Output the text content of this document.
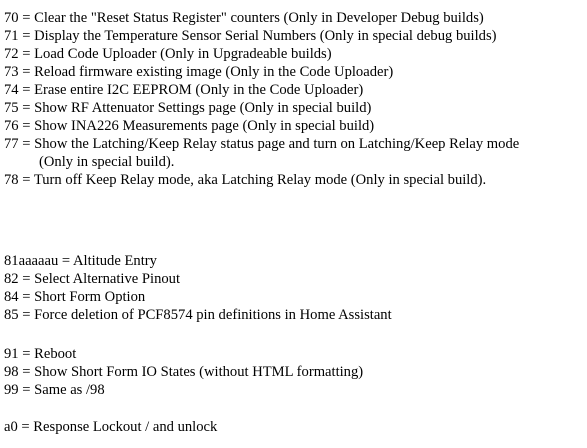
70 = Clear the "Reset Status Register" counters (Only in Developer Debug builds)
71 = Display the Temperature Sensor Serial Numbers (Only in special debug builds)
72 = Load Code Uploader (Only in Upgradeable builds)
73 = Reload firmware existing image (Only in the Code Uploader)
74 = Erase entire I2C EEPROM (Only in the Code Uploader)
75 = Show RF Attenuator Settings page (Only in special build)
76 = Show INA226 Measurements page (Only in special build)
77 = Show the Latching/Keep Relay status page and turn on Latching/Keep Relay mode
(Only in special build).
78 = Turn off Keep Relay mode, aka Latching Relay mode (Only in special build).
81aaaaau = Altitude Entry
82 = Select Alternative Pinout
84 = Short Form Option
85 = Force deletion of PCF8574 pin definitions in Home Assistant
91 = Reboot
98 = Show Short Form IO States (without HTML formatting)
99 = Same as /98
a0 = Response Lockout / and unlock
